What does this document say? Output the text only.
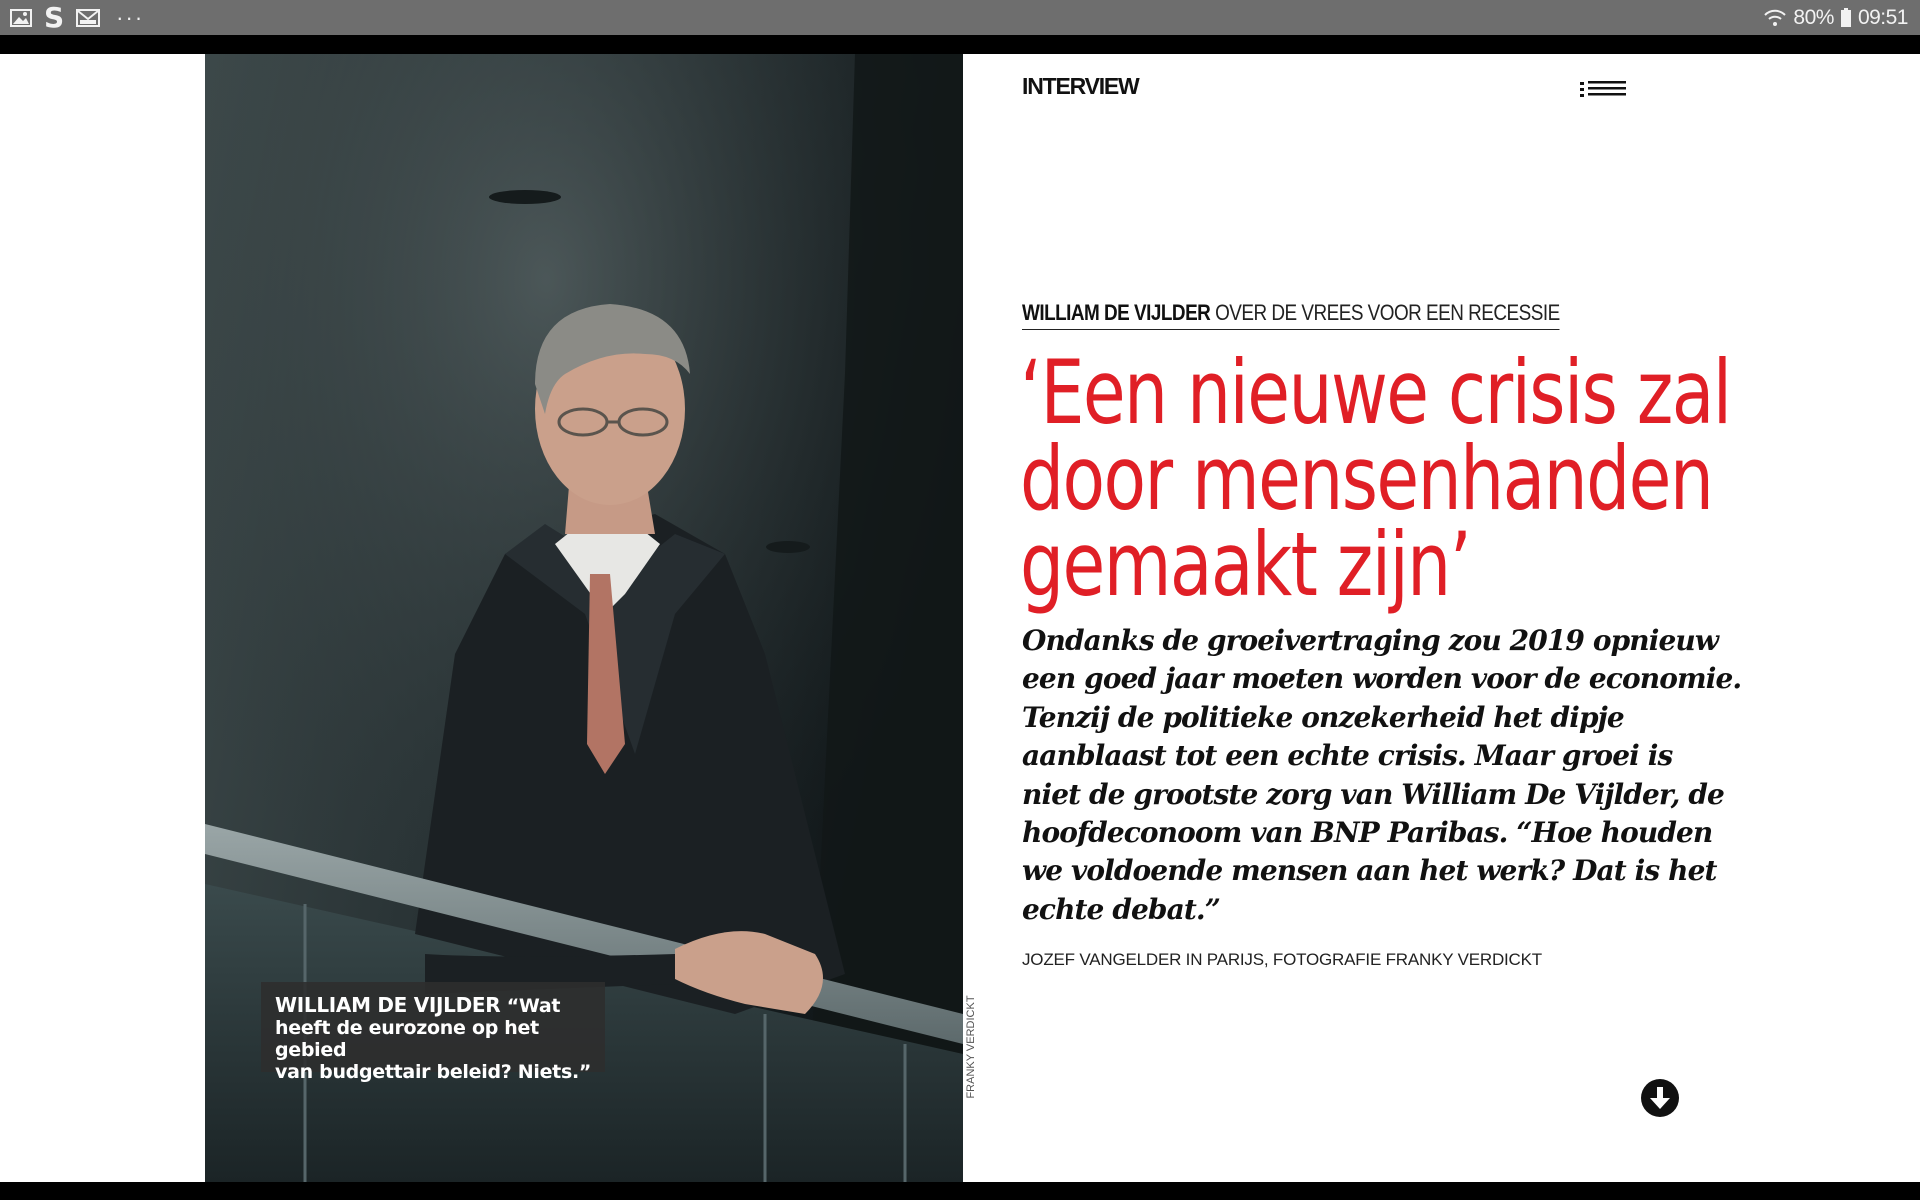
S ···	80% 09:51
WILLIAM DE VIJLDER “Wat
heeft de eurozone op het gebied
van budgettair beleid? Niets.”	FRANKY VERDICKT
INTERVIEW
WILLIAM DE VIJLDER OVER DE VREES VOOR EEN RECESSIE
‘Een nieuwe crisis zal
door mensenhanden
gemaakt zijn’
Ondanks de groeivertraging zou 2019 opnieuw
een goed jaar moeten worden voor de economie.
Tenzij de politieke onzekerheid het dipje
aanblaast tot een echte crisis. Maar groei is
niet de grootste zorg van William De Vijlder, de
hoofdeconoom van BNP Paribas. “Hoe houden
we voldoende mensen aan het werk? Dat is het
echte debat.”
JOZEF VANGELDER IN PARIJS, FOTOGRAFIE FRANKY VERDICKT
